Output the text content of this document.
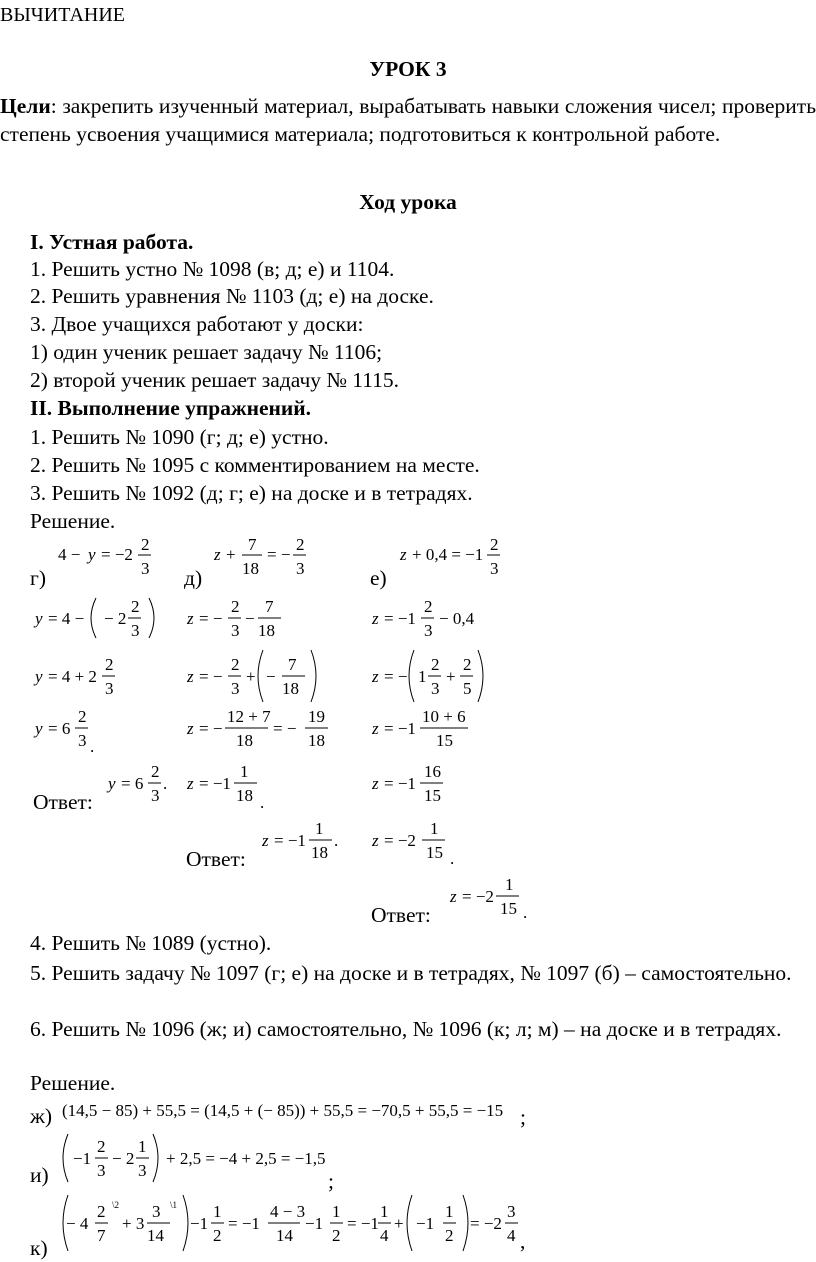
ВЫЧИТАНИЕ
УРОК 3
Цели: закрепить изученный материал, вырабатывать навыки сложения чисел; проверить степень усвоения учащимися материала; подготовиться к контрольной работе.
Ход урока
I. Устная работа.
1. Решить устно № 1098 (в; д; е) и 1104.
2. Решить уравнения № 1103 (д; е) на доске.
3. Двое учащихся работают у доски:
1) один ученик решает задачу № 1106;
2) второй ученик решает задачу № 1115.
II. Выполнение упражнений.
1. Решить № 1090 (г; д; е) устно.
2. Решить № 1095 с комментированием на месте.
3. Решить № 1092 (д; г; е) на доске и в тетрадях.
Решение.
г)	д)	е)
4 − y = −2
2
3
y = 4 − − 2
2
3
y = 4 + 2
2
3
y = 6
2
3 .
y = 6
2
3
.
z +
7
18
= −
2
3
z = −
2
3
−
7
18
z = −
2
3
+ −
7
18
z = −
12 + 7
18
= −
19
18
z = −1
1
18 .
z = −1
1
18
.
z + 0,4 = −1
2
3
z = −1
2
3
− 0,4
z = − 1
2
3
+
2
5
z = −1
10 + 6
15
z = −1
16
15
z = −2
1
15 .
z = −2
1
15 .
Ответ:
Ответ:
Ответ:
4. Решить № 1089 (устно).
5. Решить задачу № 1097 (г; е) на доске и в тетрадях, № 1097 (б) – самостоятельно.
6. Решить № 1096 (ж; и) самостоятельно, № 1096 (к; л; м) – на доске и в тетрадях.
Решение.
ж)
и)
к)
(14,5 − 85) + 55,5 = (14,5 + (− 85)) + 55,5 = −70,5 + 55,5 = −15 ;
−1
2
3
− 2
1
3
+ 2,5 = −4 + 2,5 = −1,5
;
− 4
2
7
\2
+ 3
3
14
\1
−1
1
2
= −1
4 − 3
14
−1
1
2
= −1
1
4
+ −1
1
2
= −2
3
4 ,
